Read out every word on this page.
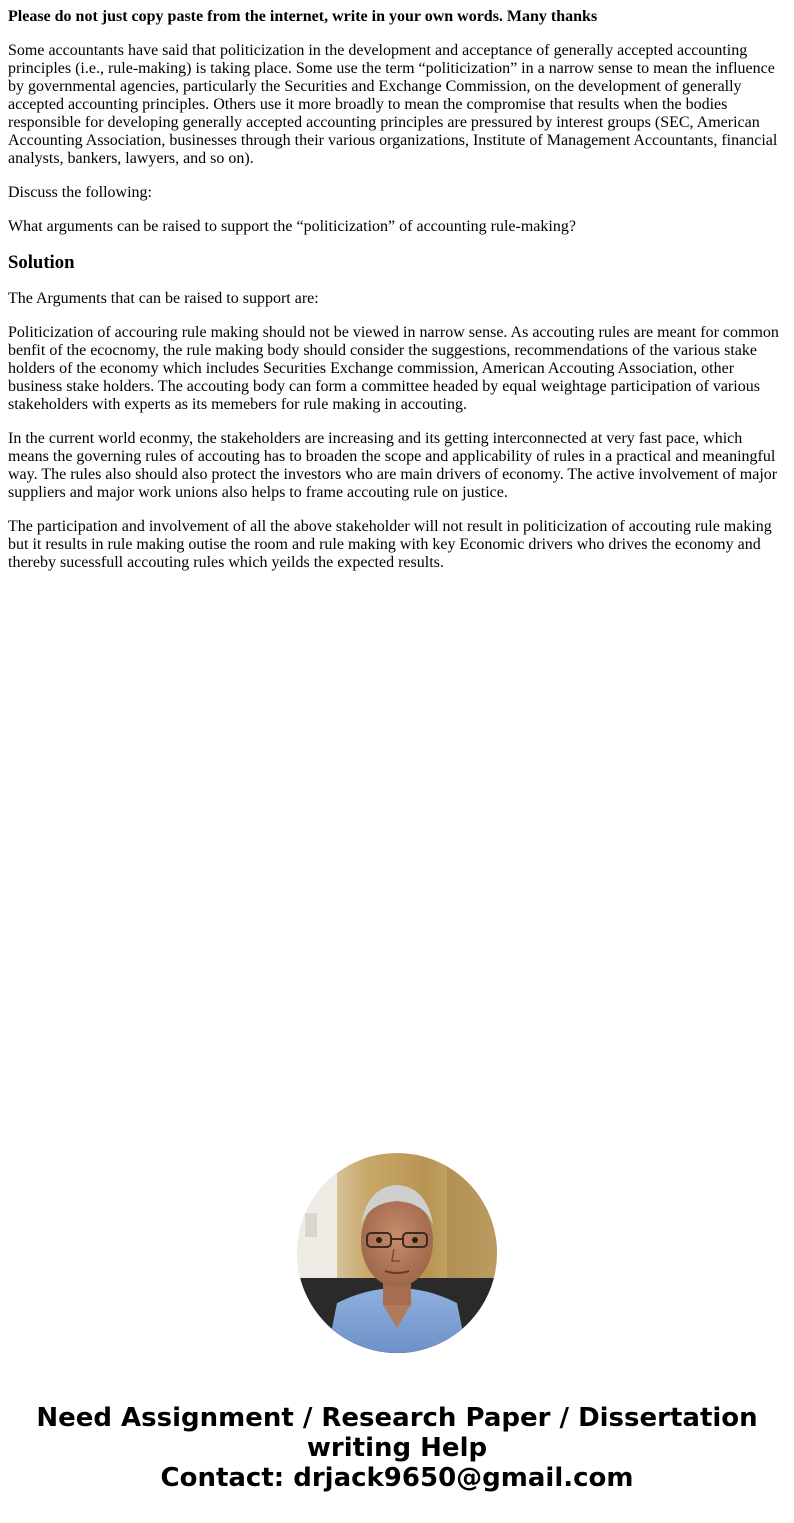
Please do not just copy paste from the internet, write in your own words. Many thanks

Some accountants have said that politicization in the development and acceptance of generally accepted accounting principles (i.e., rule-making) is taking place. Some use the term “politicization” in a narrow sense to mean the influence by governmental agencies, particularly the Securities and Exchange Commission, on the development of generally accepted accounting principles. Others use it more broadly to mean the compromise that results when the bodies responsible for developing generally accepted accounting principles are pressured by interest groups (SEC, American Accounting Association, businesses through their various organizations, Institute of Management Accountants, financial analysts, bankers, lawyers, and so on).

Discuss the following:

What arguments can be raised to support the “politicization” of accounting rule-making?

Solution

The Arguments that can be raised to support are:

Politicization of accouring rule making should not be viewed in narrow sense. As accouting rules are meant for common benfit of the ecocnomy, the rule making body should consider the suggestions, recommendations of the various stake holders of the economy which includes Securities Exchange commission, American Accouting Association, other business stake holders. The accouting body can form a committee headed by equal weightage participation of various stakeholders with experts as its memebers for rule making in accouting.

In the current world econmy, the stakeholders are increasing and its getting interconnected at very fast pace, which means the governing rules of accouting has to broaden the scope and applicability of rules in a practical and meaningful way. The rules also should also protect the investors who are main drivers of economy. The active involvement of major suppliers and major work unions also helps to frame accouting rule on justice.

The participation and involvement of all the above stakeholder will not result in politicization of accouting rule making but it results in rule making outise the room and rule making with key Economic drivers who drives the economy and thereby sucessfull accouting rules which yeilds the expected results.

Need Assignment / Research Paper / Dissertation
writing Help
Contact: drjack9650@gmail.com
